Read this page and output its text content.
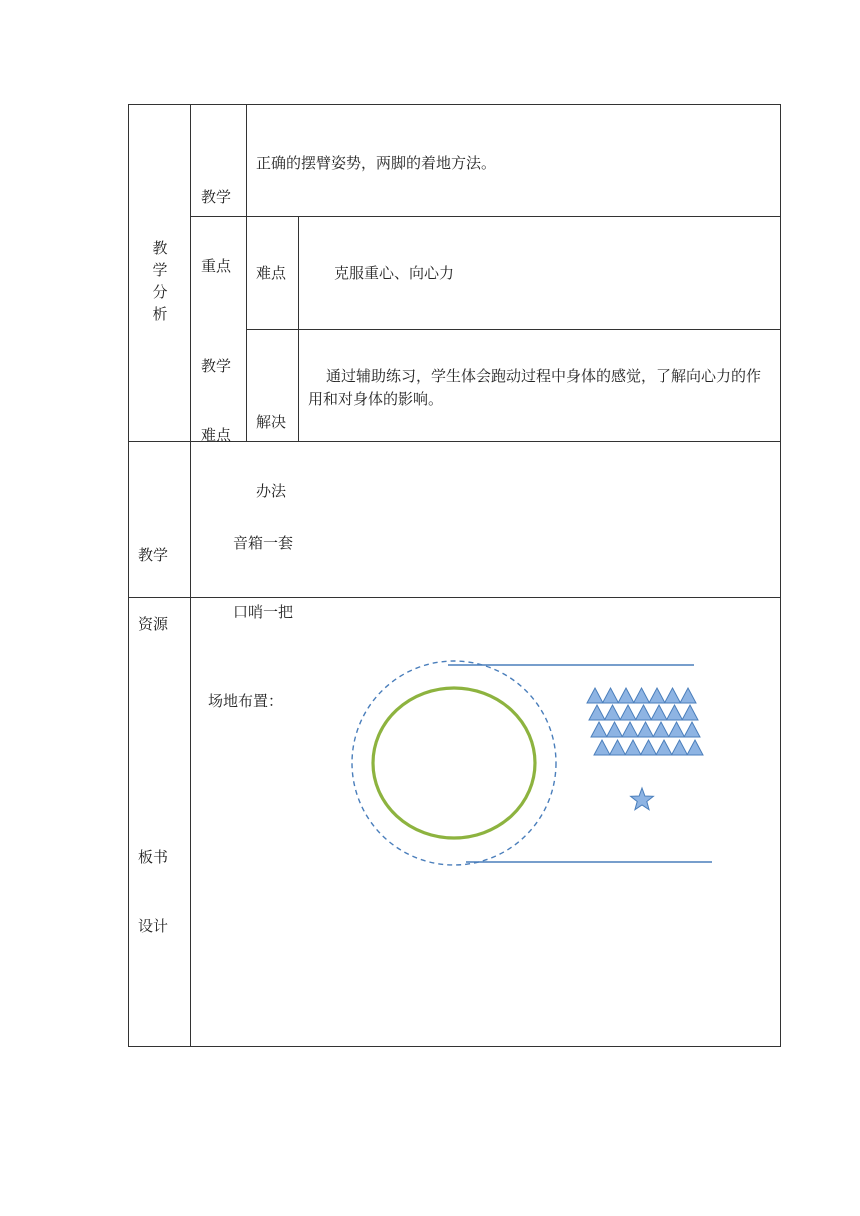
教学分析

教学

重点

正确的摆臂姿势，两脚的着地方法。

教学

难点

难点	克服重心、向心力

解决

办法

通过辅助练习，学生体会跑动过程中身体的感觉，了解向心力的作用和对身体的影响。

教学

资源

音箱一套

口哨一把

板书

设计

场地布置：
